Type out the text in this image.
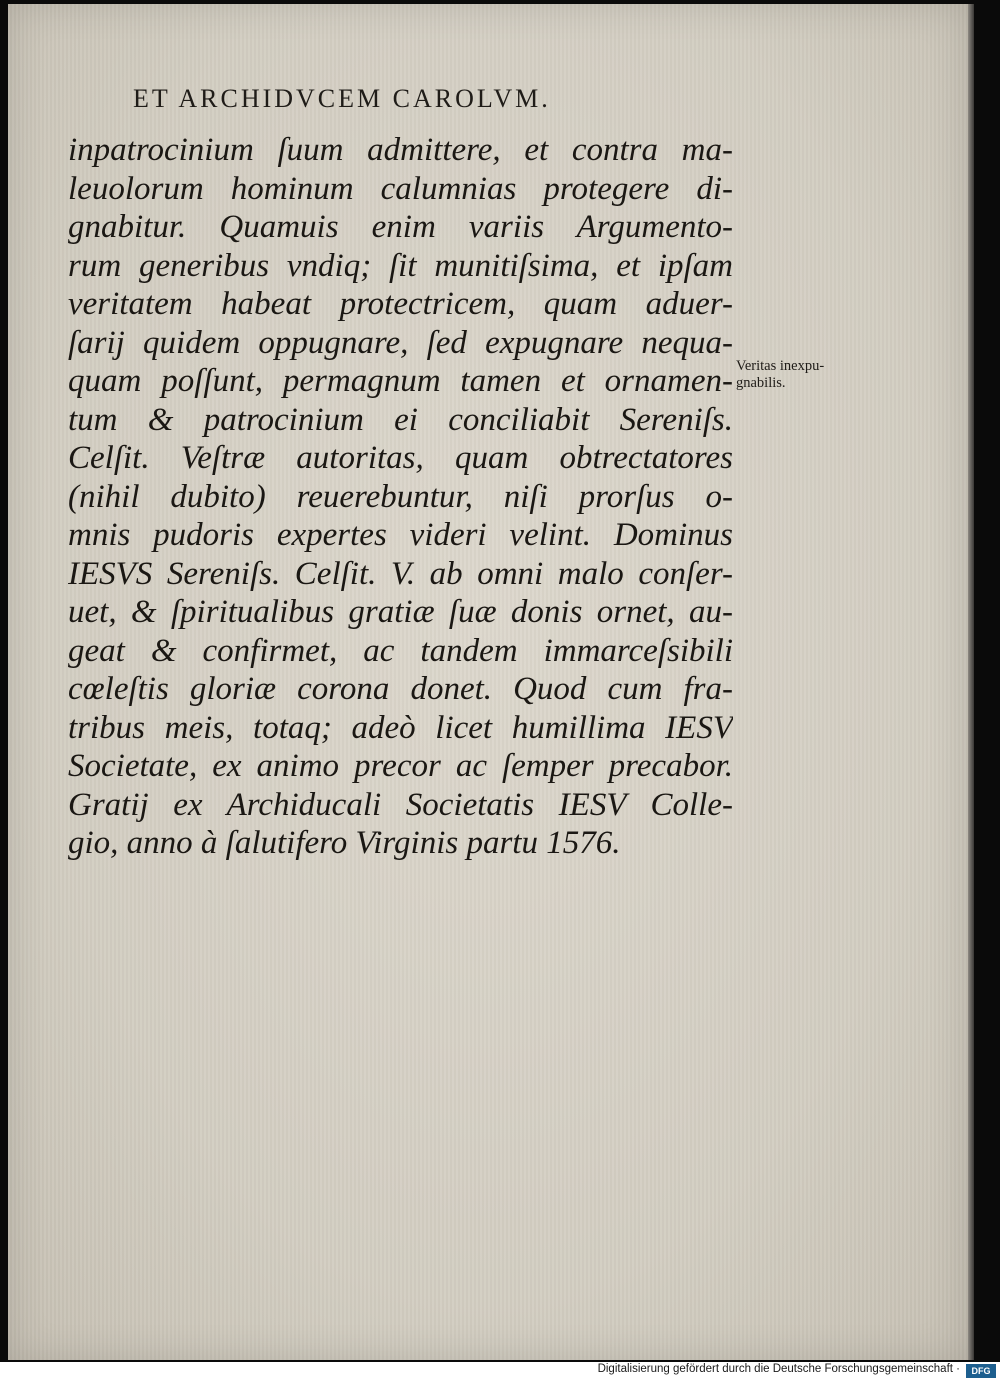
ET ARCHIDVCEM CAROLVM.
inpatrocinium ſuum admittere, et contra ma-
leuolorum hominum calumnias protegere di-
gnabitur. Quamuis enim variis Argumento-
rum generibus vndiq; ſit munitiſsima, et ipſam
veritatem habeat protectricem, quam aduer-
ſarij quidem oppugnare, ſed expugnare nequa-
quam poſſunt, permagnum tamen et ornamen-
tum & patrocinium ei conciliabit Sereniſs.
Celſit. Veſtræ autoritas, quam obtrectatores
(nihil dubito) reuerebuntur, niſi prorſus o-
mnis pudoris expertes videri velint. Dominus
IESVS Sereniſs. Celſit. V. ab omni malo conſer-
uet, & ſpiritualibus gratiæ ſuæ donis ornet, au-
geat & confirmet, ac tandem immarceſsibili
cœleſtis gloriæ corona donet. Quod cum fra-
tribus meis, totaq; adeò licet humillima IESV
Societate, ex animo precor ac ſemper precabor.
Gratij ex Archiducali Societatis IESV Colle-
gio, anno à ſalutifero Virginis partu 1576.
Veritas inexpu-
gnabilis.
Digitalisierung gefördert durch die Deutsche Forschungsgemeinschaft ·	DFG
